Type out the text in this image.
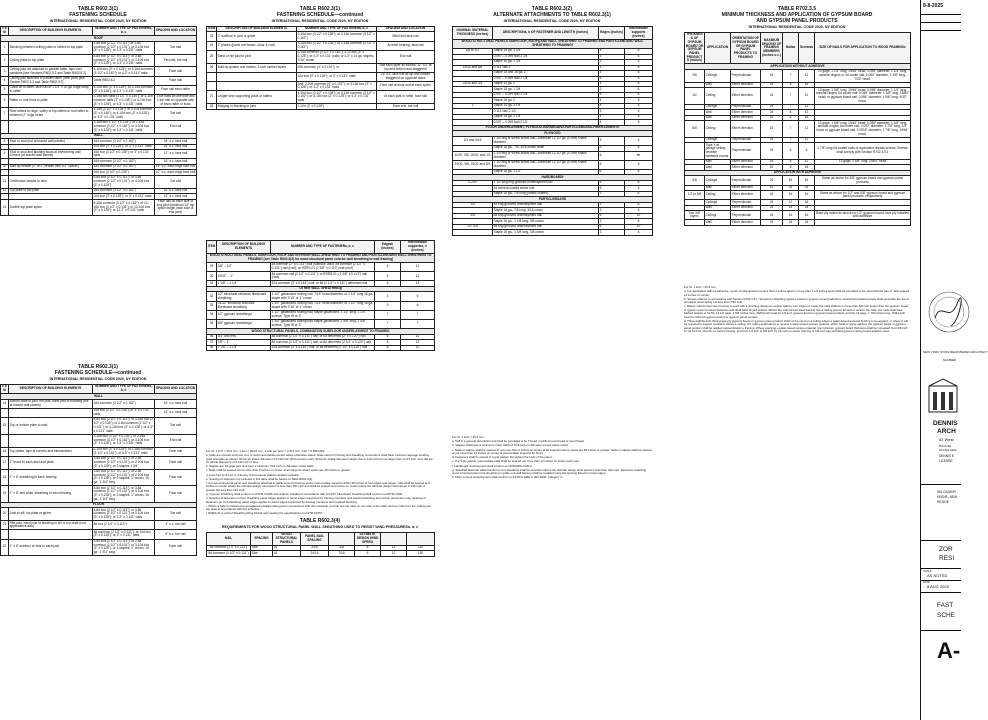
TABLE R602.3(1)
FASTENING SCHEDULE
INTERNATIONAL RESIDENTIAL CODE 2020, NY EDITION
ITEM	DESCRIPTION OF BUILDING ELEMENTS	NUMBER AND TYPE OF FASTENERa, b, c	SPACING AND LOCATION
ROOF			
1	Blocking between ceiling joists or rafters to top plate	4-8d box (2 1/2" x 0.113") or 3-8d common (2 1/2" x 0.131"); or 3-10d box (3" x 0.128"); or 3-3" x 0.131" nails	Toe nail
2	Ceiling joists to top plate	4-8d box (2 1/2" x 0.113"); or 3-8d common (2 1/2" x 0.131"); or 3-10d box (3" x 0.128"); or 3-3" x 0.131" nails	Per joist, toe nail
3	Ceiling joist not attached to parallel rafter, laps over partitions [see Sections R802.5.2 and Table R802.5.2]	4-10d box (3" x 0.128"); or 3-16d common (3 1/2" x 0.162"); or 4-3" x 0.131" nails	Face nail
4	Ceiling joist attached to parallel rafter (heel joint) [see Section R802.5.2 and Table R802.5.2]	Table R802.5.2	Face nail
5	Collar tie to rafter, face nail or 1 1/4" x 20 ga. ridge strap to rafter	4-10d box (3" x 0.128"); or 3-10d common (3" x 0.148"); or 4-3" x 0.131" nails	Face nail each rafter
6	Rafter or roof truss to plate	3-16d box nails (3 1/2" x 0.135"); or 3-10d common nails (3" x 0.148"); or 4-10d box (3" x 0.128"); or 4-3" x 0.131" nails	2 toe nails on one side and 1 toe nail on opposite side of each rafter or truss
7	Roof rafters to ridge, valley or hip rafters or roof rafter to minimum 2" ridge beam	4-16d (3 1/2" x 0.135"); or 3-10d common (3" x 0.148"); or 4-10d box (3" x 0.128"); or 4-3" x 0.131" nails	Toe nail
		3-16d box 3 1/2" x 0.135"); or 2-16d common (3 1/2" x 0.162"); or 3-10d box (3" x 0.128"); or 3-3" x 0.131" nails	End nail
WALL			
8	Stud to stud (not at braced wall panels)	16d common (3 1/2" x 0.162")	24" o.c. face nail
		10d box (3" x 0.128"); or 3" x 0.131" nails	16" o.c. face nail
9	Stud to stud and abutting studs at intersecting wall corners (at braced wall panels)	16d box (3 1/2" x 0.135"); or 3" x 0.131" nails	12" o.c. face nail
		16d common (3 1/2" x 0.162")	16" o.c. face nail
10	Built-up header (2" to 2" header with 1/2" spacer)	16d common (3 1/2" x 0.162")	16" o.c. each edge face nail
		16d box (3 1/2" x 0.135")	12" o.c. each edge face nail
11	Continuous header to stud	5-8d box (2 1/2" x 0.113"); or 4-8d common (2 1/2" x 0.131"); or 4-10d box (3" x 0.128")	Toe nail
12	Top plate to top plate	16d common (3 1/2" x 0.162")	16" o.c. face nail
		10d box (3" x 0.128"); or 3" x 0.131" nails	12" o.c. face nail
13	Double top plate splice	8-16d common (3 1/2" x 0.162"); or 12-16d box (3 1/2" x 0.135"); or 12-10d box (3" x 0.128"); or 12-3" x 0.131" nails	Face nail on each side of end joint (minimum 24" lap splice length each side of end joint)
TABLE R602.3(1)
FASTENING SCHEDULE—continued
INTERNATIONAL RESIDENTIAL CODE 2020, NY EDITION
ITEM	DESCRIPTION OF BUILDING ELEMENTS	NUMBER AND TYPE OF FASTENERa, b, c	SPACING AND LOCATION
WALL			
14	Bottom plate to joist, rim joist, band joist or blocking (not at braced wall panels)	16d common (3 1/2" x 0.162")	16" o.c. face nail
		16d box (3 1/2" x 0.135"); or 3" x 0.131" nails	12" o.c. face nail
15	Top or bottom plate to stud	4-8d box (2 1/2" x 0.113"); or 3-16d box (3 1/2" x 0.135"); or 4-8d common (2 1/2" x 0.131"); or 4-10d box (3" x 0.128"); or 4-3" x 0.131" nails	Toe nail
		3-16d box (3 1/2" x 0.135"); or 2-16d common (3 1/2" x 0.162"); or 3-10d box (3" x 0.128"); or 3-3" x 0.131" nails	End nail
16	Top plates, laps at corners and intersections	3-10d box (3" x 0.128"); or 2-16d common (3 1/2" x 0.162"); or 3-3" x 0.131" nails	Face nail
17	1" brace to each stud and plate	3-8d box (2 1/2" x 0.113"); or 2-8d common (2 1/2" x 0.131"); or 2-10d box (3" x 0.128"); or 2 staples 1 3/4"	Face nail
18	1" x 6" sheathing to each bearing	3-8d box (2 1/2" x 0.113"); or 2-8d common (2 1/2" x 0.131"); or 2-10d box (3" x 0.128"); or 2 staples, 1" crown, 16 ga., 1 3/4" long	Face nail
19	1" x 8" and wider sheathing to each bearing	3-8d box (2 1/2" x 0.113"); or 3-8d common (2 1/2" x 0.131"); or 3-10d box (3" x 0.128"); or 3 staples, 1" crown, 16 ga., 1 3/4" long	Face nail
FLOOR			
20	Joist to sill, top plate or girder	4-8d box (2 1/2" x 0.113"); or 3-8d common (2 1/2" x 0.131"); or 3-10d box (3" x 0.128"); or 3-3" x 0.131" nails	Toe nail
21	Rim joist, band joist or blocking to sill or top plate (roof applications also)	8d box (2 1/2" x 0.113")	4" o.c. toe nail
		8d common (2 1/2" x 0.131"); or 10d box (3" x 0.128"); or 3" x 0.131" nails	6" o.c. toe nail
22	1" x 6" subfloor or less to each joist	3-8d box (2 1/2" x 0.113"); or 2-8d common (2 1/2" x 0.131"); or 3-10d box (3" x 0.128"); or 2 staples, 1" crown, 16 ga., 1 3/4" long	Face nail
TABLE R602.3(1)
FASTENING SCHEDULE—continued
INTERNATIONAL RESIDENTIAL CODE 2020, NY EDITION
ITEM	DESCRIPTION OF BUILDING ELEMENTS	NUMBER AND TYPE OF FASTENERa, b, c	SPACING AND LOCATION
23	2" subfloor to joist or girder	3-16d box (3 1/2" x 0.135"); or 2-16d common (3 1/2" x 0.162")	Blind and face nail
24	2" planks (plank and beam—floor & roof)	3-16d box (3 1/2" x 0.135"); or 2-16d common (3 1/2" x 0.162")	At each bearing, face nail
25	Band or rim joist to joist	3-16d common (3 1/2" x 0.162"); 4-10 box (3" x 0.128"); or 4-3" x 0.131" nails; or 4-3" x 14 ga. staples, 7/16" crown	End nail
26	Built-up girders and beams, 2-inch lumber layers	20d common (4" x 0.192"); or	Nail each layer as follows: 32" o.c. at top and bottom and staggered
		10d box (3" x 0.128"); or 3" x 0.131" nails	24" o.c. face nail at top and bottom staggered on opposite sides
		And: 2-20d common (4" x 0.192"); or 3-10d box (3" x 0.128"); or 3-3" x 0.131" nails	Face nail at ends and at each splice
27	Ledger strip supporting joists or rafters	4-16d box (3 1/2" x 0.135"); or 3-16d common (3 1/2" x 0.162"); or 4-10d box (3" x 0.128"); or 4-3" x 0.131" nails	At each joist or rafter, face nail
28	Bridging or blocking to joist	2-10d (3" x 0.128")	Each end, toe nail
ITEM	DESCRIPTION OF BUILDING ELEMENTS	NUMBER AND TYPE OF FASTENERa, b, c	Edgesh (inches)	Intermediate supportsc, e (inches)
WOOD STRUCTURAL PANELS, SUBFLOOR, ROOF AND INTERIOR WALL SHEATHING TO FRAMING AND PARTICLEBOARD WALL SHEATHING TO FRAMING [see Table R602.3(3) for wood structural panel exterior wall sheathing to wall framing]				
29	3/8" – 1/2"	6d common (2" x 0.113") nail (subfloor, wall); 8d common (2 1/2" x 0.131") nail (roof); or RSRS-01 (2 3/8" x 0.113") nail (roof)	6	12
30	19/32" – 1"	8d common nail (2 1/2" x 0.131"); or RSRS-01; (2 3/8" x 0.113") nail (roof)	6	12
31	1 1/8" – 1 1/4"	10d common (3" x 0.148") nail; or 8d (2 1/2" x 0.131") deformed nail	6	12
OTHER WALL SHEATHINGg				
32	1/2" structural cellulosic fiberboard sheathing	1 1/2" galvanized roofing nail, 7/16" head diameter, or 1 1/4" long 16 ga. staple with 7/16" or 1" crown	3	6
33	25/32" structural cellulosic fiberboard sheathing	1 3/4" galvanized roofing nail, 7/16" head diameter, or 1 1/2" long 16 ga. staple with 7/16" or 1" crown	3	6
34	1/2" gypsum sheathingd	1 1/2" galvanized roofing nail; staple galvanized, 1 1/2" long; 1 1/4" screws, Type W or S	7	7
35	5/8" gypsum sheathingd	1 3/4" galvanized roofing nail; staple galvanized, 1 5/8" long; 1 5/8" screws, Type W or S	7	7
WOOD STRUCTURAL PANELS, COMBINATION SUBFLOOR UNDERLAYMENT TO FRAMING				
36	3/4" and less	8d common (2 1/2" x 0.131") nail; or 6d deformed (2" x 0.120") nail	6	12
37	7/8" – 1"	8d common (2 1/2" x 0.131") nail; or 8d deformed (2 1/2" x 0.120") nail	6	12
38	1 1/8" – 1 1/4"	10d common (3" x 0.148") nail; or 8d deformed (2 1/2" x 0.120") nail	6	12

For SI: 1 inch = 25.4 mm, 1 foot = 304.8 mm, 1 mile per hour = 0.447 m/s; 1 ksi = 6.895 MPa.

a. Nails are smooth-common, box or deformed shanks except where otherwise stated. Nails used for framing and sheathing connections shall have minimum average bending yield strengths as shown: 80 ksi for shank diameter of 0.192 inch (20d common nail), 90 ksi for shank diameters larger than 0.142 inch but not larger than 0.177 inch, and 100 ksi for shank diameters of 0.142 inch or less.

b. Staples are 16 gage wire and have a minimum 7/16-inch on diameter crown width.

c. Nails shall be spaced at not more than 6 inches on center at all supports where spans are 48 inches or greater.

d. Four-foot by 8-foot or 4-foot by 9-foot panels shall be applied vertically.

e. Spacing of fasteners not included in this table shall be based on Table R602.3(2).

f. For wood structural panel roof sheathing attached to gable end roof framing and to intermediate supports within 48 inches of roof edges and ridges, nails shall be spaced at 6 inches on center where the ultimate design wind speed is less than 130 mph and shall be spaced at 4 inches on center where the ultimate design wind speed is 130 mph or greater but less than 140 mph.

g. Gypsum sheathing shall conform to ASTM C1396 and shall be installed in accordance with GA 253. Fiberboard sheathing shall conform to ASTM C208.

h. Spacing of fasteners on floor sheathing panel edges applies to panel edges supported by framing members and required blocking and at floor perimeters only. Spacing of fasteners on roof sheathing panel edges applies to panel edges supported by framing members and required blocking.

i. Where a rafter is fastened to an adjacent parallel ceiling joist in accordance with this schedule, provide two toe nails on one side of the rafter and toe nails from the ceiling joist top plate in accordance with this schedule.

j. RSRS-01 is a Roof Sheathing Ring Shank nail meeting the specifications in ASTM F1667.

TABLE R602.3(4)
REQUIREMENTS FOR WOOD STRUCTURAL PANEL WALL SHEATHING USED TO RESIST WIND PRESSURESa, b, c
NAIL	SPACING	WOOD STRUCTURAL PANELS	PANEL NAIL SPACING		ULTIMATE DESIGN WIND SPEED		
6d common (2.0" x 0.113")	Size	16	24/0	3/8	6	12	110
8d common (2 1/2" x 0.131")	Size	16	24/16	7/16	6	12	130
TABLE R602.3(2)
ALTERNATE ATTACHMENTS TO TABLE R602.3(1)
INTERNATIONAL RESIDENTIAL CODE 2020, NY EDITION
NOMINAL MATERIAL THICKNESS (inches)	DESCRIPTIONa, b OF FASTENER AND LENGTH (inches)	Edges (inches)	Intermediate supports (inches)
WOOD STRUCTURAL PANELS SUBFLOOR, ROOFg AND WALL SHEATHING TO FRAMING AND PARTICLEBOARD WALL SHEATHING TO FRAMINGf			
Up to 1/2	Staple 15 ga. 1 3/4	4	8
	0.097 – 0.099 Nail 2 1/4	3	6
	Staple 16 ga. 1 3/4	3	6
19/32 and 5/8	0.113 Nail 2	3	6
	Staple 15 and 16 ga. 2	4	8
	0.097 – 0.099 Nail 2 1/4	4	8
23/32 and 3/4	Staple 14 ga. 2	4	8
	Staple 15 ga. 1 3/4	3	6
	0.097 – 0.099 Nail 2 1/4	4	8
	Staple 16 ga. 2	4	8
1	Staple 14 ga. 2 1/4	4	8
	0.113 Nail 2 1/4	3	6
	Staple 15 ga. 2 1/4	4	8
	0.097 – 0.099 Nail 2 1/2	4	8
FLOOR UNDERLAYMENT; PLYWOOD-HARDBOARD-PARTICLEBOARD-FIBER-CEMENTh			
PLYWOOD			
1/4 and 5/16	1 1/4 ring or screw shank nail—minimum 12 1/2 ga. (0.099) shank diameter	3	6
	Staple 18 ga., 7/8, 3/16 crown width	2	5
11/32, 3/8, 15/32, and 1/2	1 1/4 ring or screw shank nail—minimum 12 1/2 ga. (0.099) shank diameter	6	8e
19/32, 5/8, 23/32 and 3/4	1 1/2 ring or screw shank nail—minimum 12 1/2 ga. (0.099) shank diameter	6	8
	Staple 16 ga. 1 1/2	6	8
HARDBOARDf			
0.200	1 1/2 long ring-grooved underlayment nail	6	6
	4d cement-coated sinker nail	6	6
	Staple 18 ga., 7/8 long (plastic coated)	3	6
PARTICLEBOARD			
1/4	4d ring-grooved underlayment nail	3	6
	Staple 18 ga., 7/8 long, 3/16 crown	3	6
3/8	6d ring-grooved underlayment nail	6	10
	Staple 16 ga., 1 1/8 long, 3/8 crown	3	6
1/2, 5/8	6d ring-grooved underlayment nail	6	10
	Staple 16 ga., 1 5/8 long, 3/8 crown	3	6

For SI: 1 inch = 25.4 mm.

a. Nail is a general description and shall be permitted to be T-head, modified round head or round head.

b. Staples shall have a minimum crown width of 7/16-inch on diameter except where noted.

c. Nails or staples shall be spaced at not more than 6 inches on center at all supports where spans are 48 inches or greater. Nails or staples shall be spaced at not more than 12 inches on center at intermediate supports for floors.

d. Fasteners shall be placed in a grid pattern throughout the body of the panel.

e. For 5-ply panels, intermediate nails shall be spaced not more than 12 inches on center each way.

f. Hardboard underlayment shall conform to CPA/ANSI A135.4.

g. Specified alternate attachments for roof sheathing shall be permitted where the ultimate design wind speed is less than 130 mph. Fasteners attaching wood structural panel roof sheathing to gable end wall framing shall be installed using the spacing listed for panel edges.

h. Fiber-cement underlayment shall conform to ASTM C1288 or ISO 8336, Category C.

TABLE R702.3.5
MINIMUM THICKNESS AND APPLICATION OF GYPSUM BOARD
AND GYPSUM PANEL PRODUCTS
INTERNATIONAL RESIDENTIAL CODE 2020, NY EDITION
THICKNESS OF GYPSUM BOARD OR GYPSUM PANEL PRODUCTS (inches)	APPLICATION	ORIENTATION OF GYPSUM BOARD OR GYPSUM PANEL PRODUCTS TO FRAMING	MAXIMUM SPACING OF FRAMING MEMBERS (inches o.c.)	Nailsa	Screwsb	SIZE OF NAILS FOR APPLICATION TO WOOD FRAMINGc
APPLICATION WITHOUT ADHESIVE						
3/8	Ceilingd	Perpendicular	16	7	12	13 gage, 1 1/4" long, 19/64" head; 0.098" diameter, 1 1/4" long, annular-ringed; or 4d cooler nail, 0.080" diameter, 1 3/8" long, 7/32" head.
	Wall	Either direction	16	8	16	
1/2	Ceiling	Either direction	16	7	12	13 gage, 1 3/8" long, 19/64" head; 0.098" diameter, 1 1/4" long, annular-ringed; 5d cooler nail, 0.086" diameter, 1 5/8" long, 15/64" head; or gypsum board nail, 0.086" diameter, 1 5/8" long, 9/32" head.
	Ceilingd	Perpendicular	24	7	12	
	Wall	Either direction	24	8	12	
	Wall	Either direction	16	8	16	
5/8	Ceiling	Either direction	16	7	12	13 gage, 1 5/8" long, 19/64" head; 0.098" diameter, 1 3/8" long, annular-ringed; 6d cooler nail, 0.092" diameter, 1 7/8" long, 1/4" head; or gypsum board nail, 0.0915" diameter, 1 7/8" long, 19/64" head.
	Ceilinge	Perpendicular	24	7	12	
	Type X at garage ceiling beneath habitable rooms	Perpendicular	24	6	6	1 7/8" long 6d coated nails or equivalent drywall screws. Screws shall comply with Section R702.3.5.1
	Wall	Either direction	24	8	12	13 gage, 1 5/8" long, 19/64" head
	Wall	Either direction	16	8	16	
APPLICATION WITH ADHESIVE						
3/8	Ceilingd	Perpendicular	16	16	16	Same as above for 3/8" gypsum board and gypsum panel products
	Wall	Either direction	16	16	24	
1/2 or 5/8	Ceiling	Either direction	16	16	16	Same as above for 1/2" and 5/8" gypsum board and gypsum panel products, respectively
	Ceilingd	Perpendicular	24	12	16	
	Wall	Either direction	24	16	24	
Two 3/8" layers	Ceilingf	Perpendicular	16	16	16	Base ply nailed as above for 1/2" gypsum board; face ply installed with adhesive
	Wall	Either direction	24	24	24	

For SI: 1 inch = 25.4 mm.

a. For application without adhesive, a pair of nails spaced not less than 2 inches apart or more than 2 1/2 inches apart shall be permitted to be used with the pair of nails spaced 12 inches on center.

b. Screws shall be in accordance with Section R702.3.5.1. Screws for attaching gypsum board or gypsum panel products to structural insulated panels shall penetrate the wood structural panel facing not less than 7/16 inch.

c. Where cold-formed steel framing is used with a clinching design to receive nails by two edges of metal, the nails shall be not less than 5/8 inch longer than the gypsum board or gypsum panel product thickness and shall have ringed shanks. Where the cold-formed steel framing has a nailing groove formed to receive the nails, the nails shall have barbed shanks or be 5d, 13 1/2 gage, 1 5/8 inches long, 15/64-inch head for 1/2-inch gypsum board or gypsum panel product; and 6d, 13 gage, 1 7/8 inches long, 15/64-inch head for 5/8-inch gypsum board or gypsum panel product.

d. Three-eighths-inch-thick single-ply gypsum board or gypsum panel product shall not be used on a ceiling where a water-based textured finish is to be applied, or where it will be required to support insulation above a ceiling. On ceiling applications to receive a water-based texture material, either hand or spray applied, the gypsum board or gypsum panel product shall be applied perpendicular to framing. Where applying a water-based texture material, the minimum gypsum board thickness shall be increased from 3/8 inch to 1/2 inch for 16-inch on center framing, and from 1/2 inch to 5/8 inch for 24-inch on center framing or 1/2-inch sag-resistant gypsum ceiling board shall be used.

8-8-2025
NEW YORK STATE REGISTERED ARCHITECT
NUMBER
DENNIS
ARCH
52 West
Bronxville,
914-624-0206
DENNIS E.
LICENSE
915 GILMOR
KEENE, NEW
RESIDE
ZOR
RESI
SCALE
AS NOTED
DATE
8 AUG 2025
FAST
SCHE
A-
